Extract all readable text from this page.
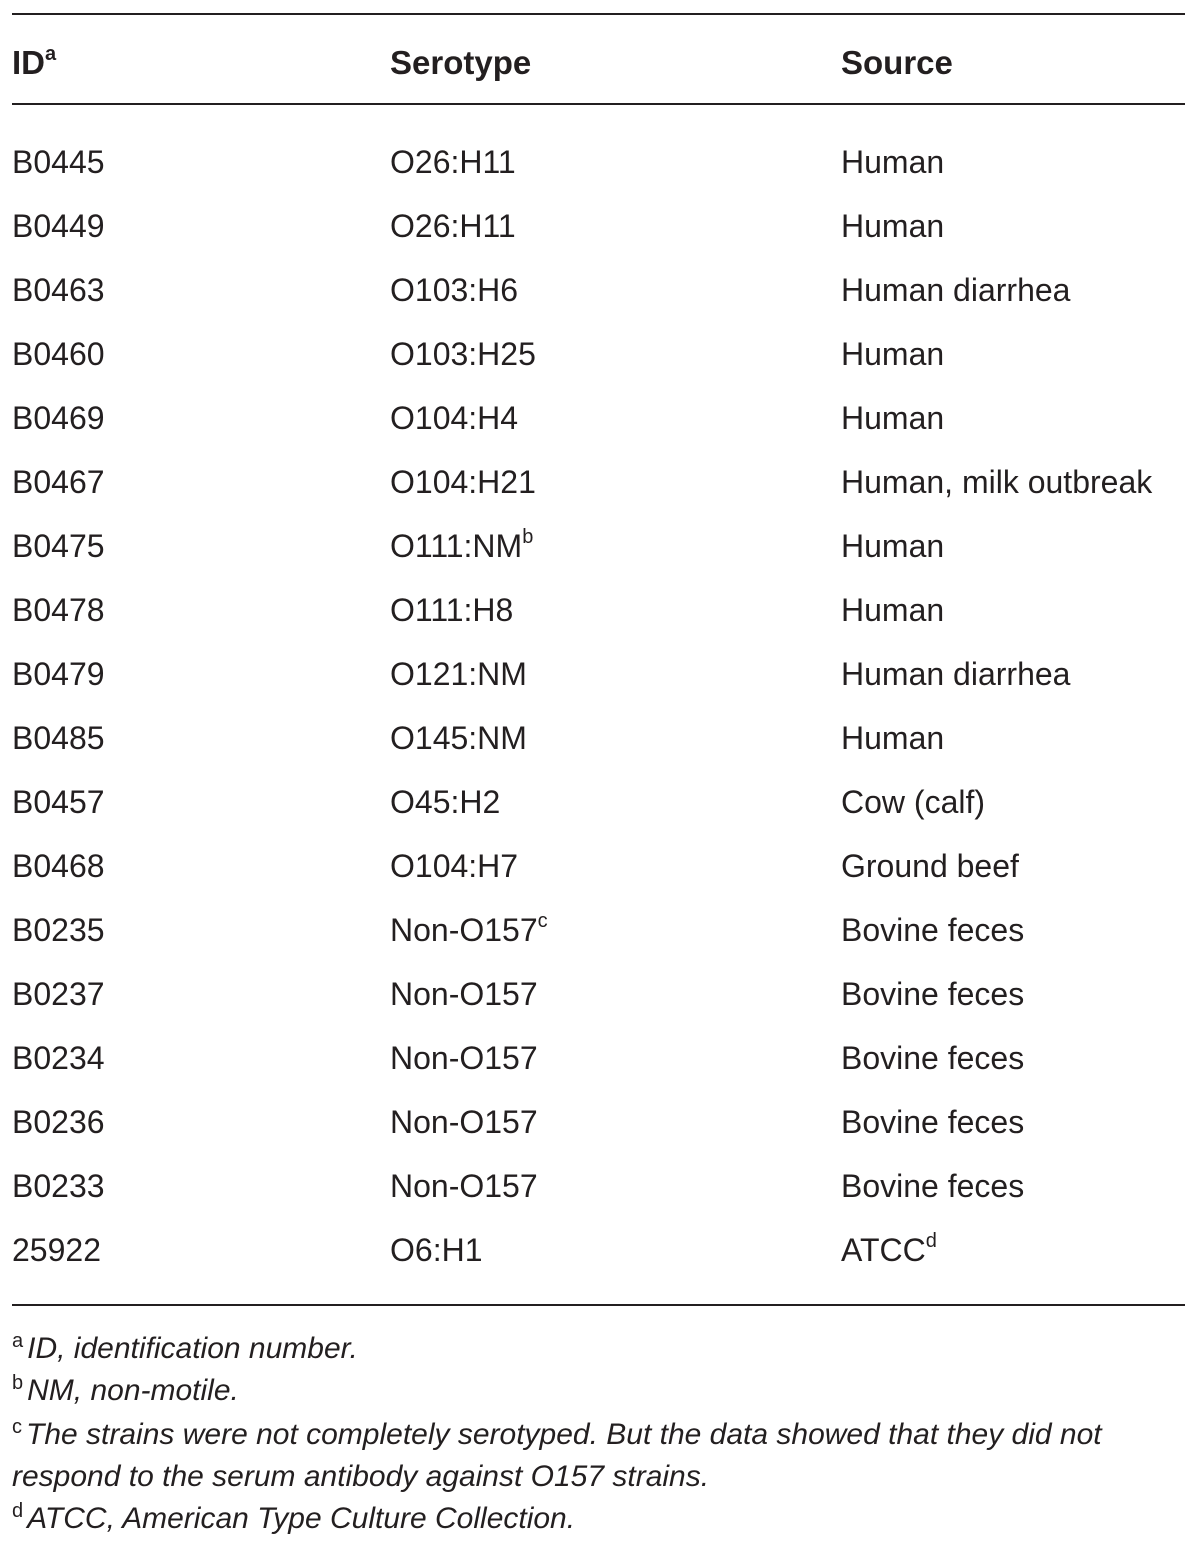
$ID^a$	Serotype	Source
B0445	O26:H11	Human
B0449	O26:H11	Human
B0463	O103:H6	Human diarrhea
B0460	O103:H25	Human
B0469	O104:H4	Human
B0467	O104:H21	Human, milk outbreak
B0475	$O111:NM^b$	Human
B0478	O111:H8	Human
B0479	O121:NM	Human diarrhea
B0485	O145:NM	Human
B0457	O45:H2	Cow (calf)
B0468	O104:H7	Ground beef
B0235	Non-O157$^c$	Bovine feces
B0237	Non-O157	Bovine feces
B0234	Non-O157	Bovine feces
B0236	Non-O157	Bovine feces
B0233	Non-O157	Bovine feces
25922	O6:H1	ATCC$^d$
$^a$ ID, identification number.
$^b$ NM, non-motile.
$^c$ The strains were not completely serotyped. But the data showed that they did not respond to the serum antibody against O157 strains.
$^d$ ATCC, American Type Culture Collection.
